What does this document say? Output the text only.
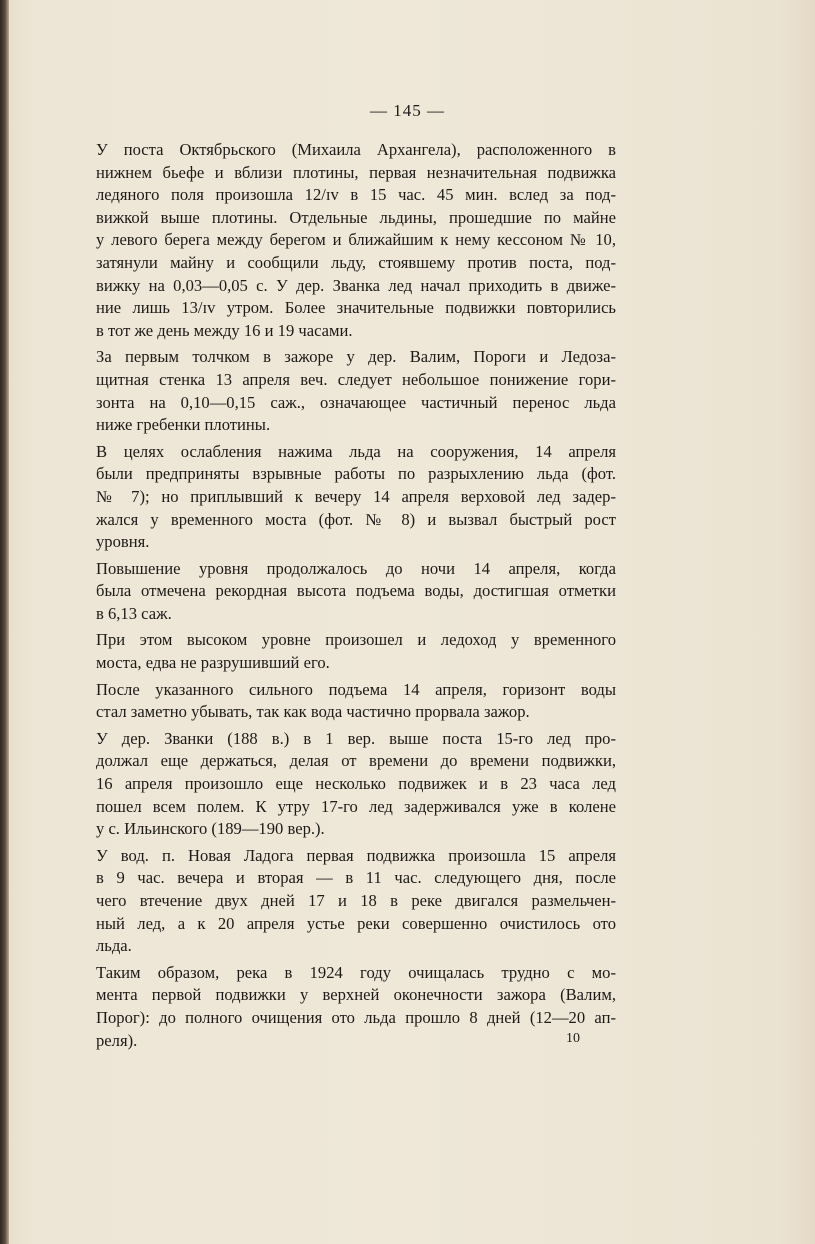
— 145 —
У поста Октябрьского (Михаила Архангела), расположенного в
нижнем бьефе и вблизи плотины, первая незначительная подвижка
ледяного поля произошла 12/ɪᴠ в 15 час. 45 мин. вслед за под-
вижкой выше плотины. Отдельные льдины, прошедшие по майне
у левого берега между берегом и ближайшим к нему кессоном № 10,
затянули майну и сообщили льду, стоявшему против поста, под-
вижку на 0,03—0,05 с. У дер. Званка лед начал приходить в движе-
ние лишь 13/ɪᴠ утром. Более значительные подвижки повторились
в тот же день между 16 и 19 часами.
За первым толчком в зажоре у дер. Валим, Пороги и Ледоза-
щитная стенка 13 апреля веч. следует небольшое понижение гори-
зонта на 0,10—0,15 саж., означающее частичный перенос льда
ниже гребенки плотины.
В целях ослабления нажима льда на сооружения, 14 апреля
были предприняты взрывные работы по разрыхлению льда (фот.
№ 7); но приплывший к вечеру 14 апреля верховой лед задер-
жался у временного моста (фот. № 8) и вызвал быстрый рост
уровня.
Повышение уровня продолжалось до ночи 14 апреля, когда
была отмечена рекордная высота подъема воды, достигшая отметки
в 6,13 саж.
При этом высоком уровне произошел и ледоход у временного
моста, едва не разрушивший его.
После указанного сильного подъема 14 апреля, горизонт воды
стал заметно убывать, так как вода частично прорвала зажор.
У дер. Званки (188 в.) в 1 вер. выше поста 15-го лед про-
должал еще держаться, делая от времени до времени подвижки,
16 апреля произошло еще несколько подвижек и в 23 часа лед
пошел всем полем. К утру 17-го лед задерживался уже в колене
у с. Ильинского (189—190 вер.).
У вод. п. Новая Ладога первая подвижка произошла 15 апреля
в 9 час. вечера и вторая — в 11 час. следующего дня, после
чего втечение двух дней 17 и 18 в реке двигался размельчен-
ный лед, а к 20 апреля устье реки совершенно очистилось ото
льда.
Таким образом, река в 1924 году очищалась трудно с мо-
мента первой подвижки у верхней оконечности зажора (Валим,
Порог): до полного очищения ото льда прошло 8 дней (12—20 ап-
реля).	10
